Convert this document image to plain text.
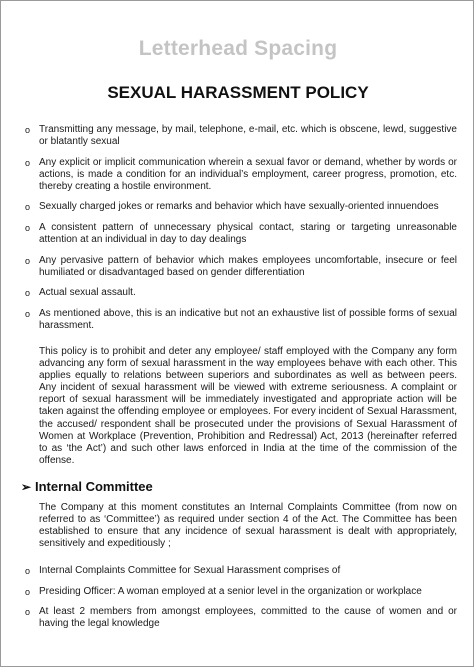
Letterhead Spacing
SEXUAL HARASSMENT POLICY
o Transmitting any message, by mail, telephone, e-mail, etc. which is obscene, lewd, suggestive or blatantly sexual
o Any explicit or implicit communication wherein a sexual favor or demand, whether by words or actions, is made a condition for an individual’s employment, career progress, promotion, etc. thereby creating a hostile environment.
o Sexually charged jokes or remarks and behavior which have sexually-oriented innuendoes
o A consistent pattern of unnecessary physical contact, staring or targeting unreasonable attention at an individual in day to day dealings
o Any pervasive pattern of behavior which makes employees uncomfortable, insecure or feel humiliated or disadvantaged based on gender differentiation
o Actual sexual assault.
o As mentioned above, this is an indicative but not an exhaustive list of possible forms of sexual harassment.

This policy is to prohibit and deter any employee/ staff employed with the Company any form advancing any form of sexual harassment in the way employees behave with each other. This applies equally to relations between superiors and subordinates as well as between peers. Any incident of sexual harassment will be viewed with extreme seriousness. A complaint or report of sexual harassment will be immediately investigated and appropriate action will be taken against the offending employee or employees. For every incident of Sexual Harassment, the accused/ respondent shall be prosecuted under the provisions of Sexual Harassment of Women at Workplace (Prevention, Prohibition and Redressal) Act, 2013 (hereinafter referred to as ‘the Act’) and such other laws enforced in India at the time of the commission of the offense.

➢ Internal Committee

The Company at this moment constitutes an Internal Complaints Committee (from now on referred to as ‘Committee’) as required under section 4 of the Act. The Committee has been established to ensure that any incidence of sexual harassment is dealt with appropriately, sensitively and expeditiously ;

o Internal Complaints Committee for Sexual Harassment comprises of
o Presiding Officer: A woman employed at a senior level in the organization or workplace
o At least 2 members from amongst employees, committed to the cause of women and or having the legal knowledge
